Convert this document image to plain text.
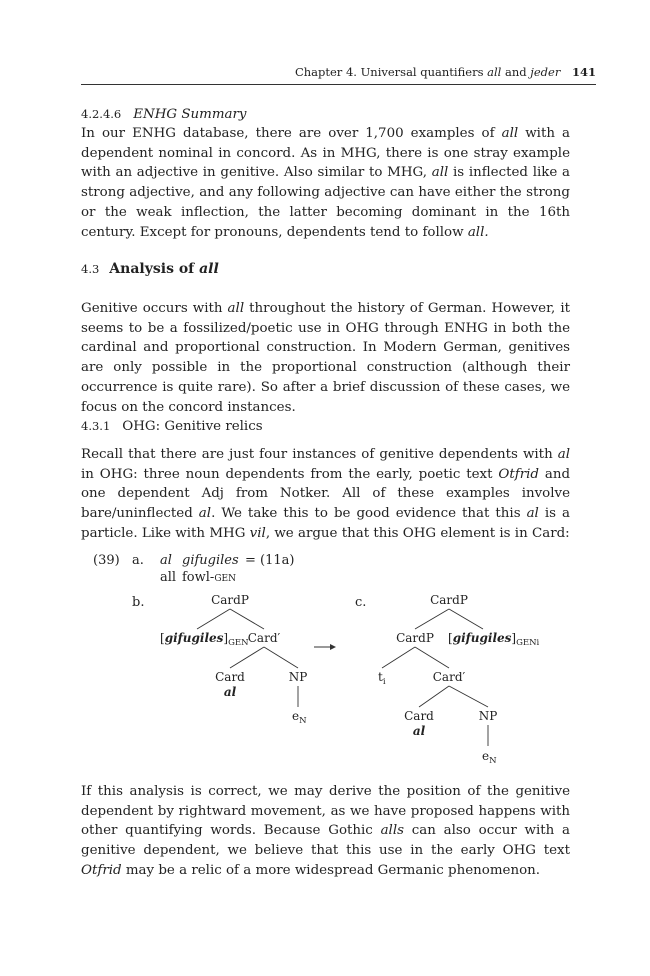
Chapter 4. Universal quantifiers all and jeder 141
4.2.4.6 ENHG Summary
In our ENHG database, there are over 1,700 examples of all with a dependent nominal in concord. As in MHG, there is one stray example with an adjective in genitive. Also similar to MHG, all is inflected like a strong adjective, and any following adjective can have either the strong or the weak inflection, the latter becoming dominant in the 16th century. Except for pronouns, dependents tend to follow all.
4.3 Analysis of all
Genitive occurs with all throughout the history of German. However, it seems to be a fossilized/poetic use in OHG through ENHG in both the cardinal and proportional construction. In Modern German, genitives are only possible in the proportional construction (although their occurrence is quite rare). So after a brief discussion of these cases, we focus on the concord instances.
4.3.1 OHG: Genitive relics
Recall that there are just four instances of genitive dependents with al in OHG: three noun dependents from the early, poetic text Otfrid and one dependent Adj from Notker. All of these examples involve bare/uninflected al. We take this to be good evidence that this al is a particle. Like with MHG vil, we argue that this OHG element is in Card:
(39) a. al gifugiles = (11a)
all fowl-gen
b.	c.
CardP
$[gifugiles]_{GEN}$ Card′
Card
al
NP
$e_N$
CardP
CardP $[gifugiles]_{GENi}$
$t_i$	Card′
Card
al
NP
$e_N$
If this analysis is correct, we may derive the position of the genitive dependent by rightward movement, as we have proposed happens with other quantifying words. Because Gothic alls can also occur with a genitive dependent, we believe that this use in the early OHG text Otfrid may be a relic of a more widespread Germanic phenomenon.
